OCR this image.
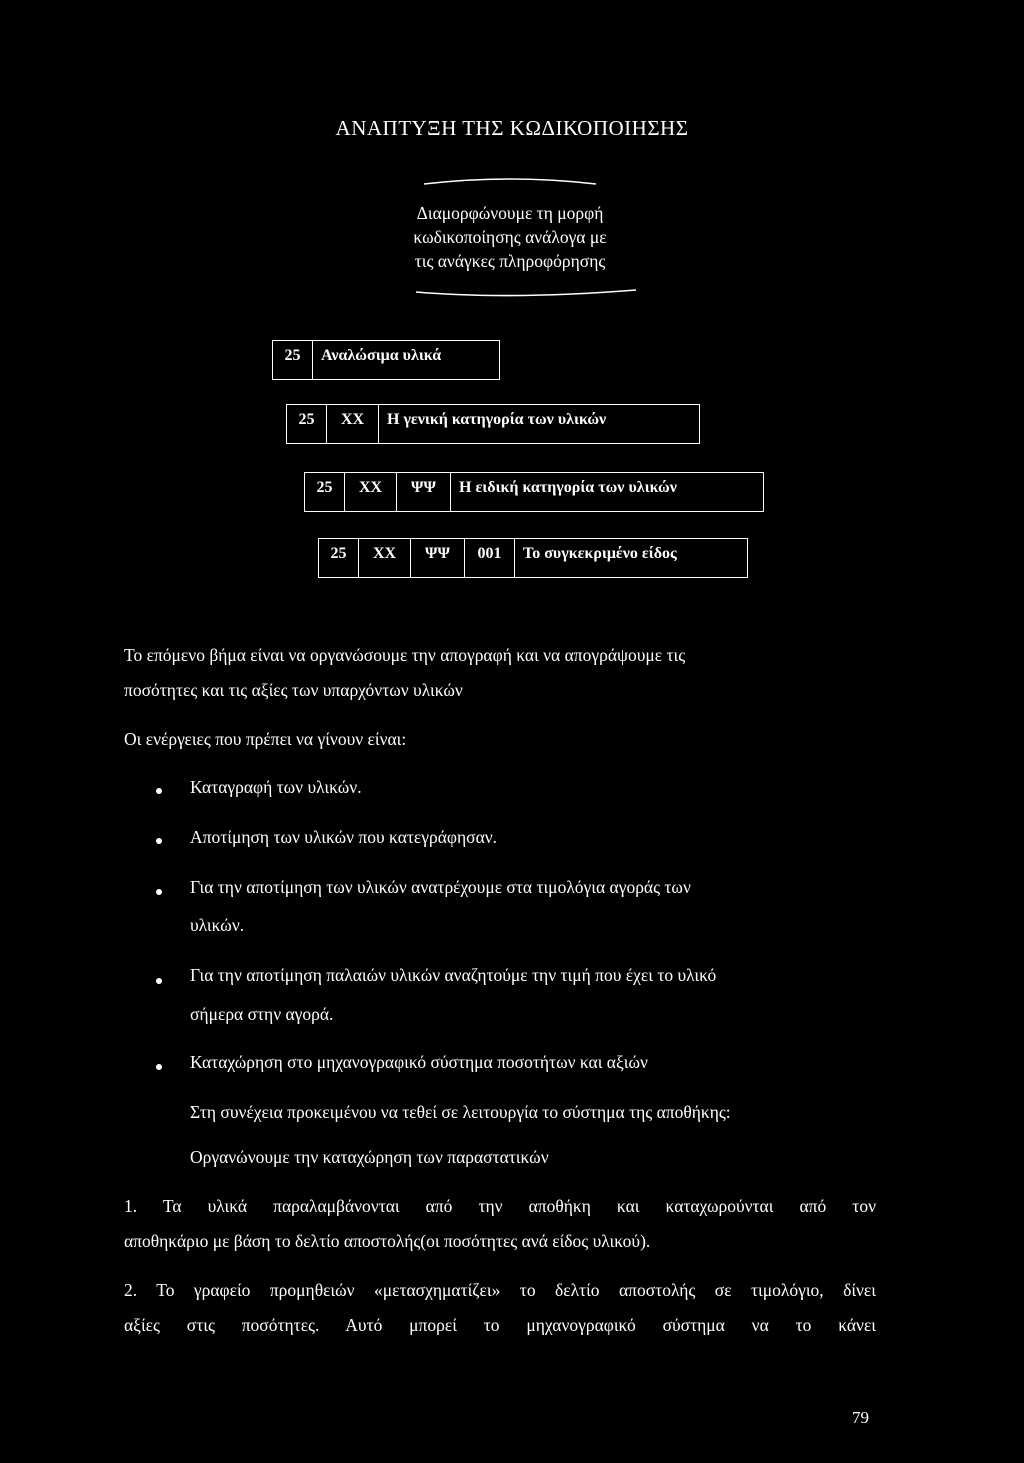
ΑΝΑΠΤΥΞΗ ΤΗΣ ΚΩΔΙΚΟΠΟΙΗΣΗΣ
Διαμορφώνουμε τη μορφή
κωδικοποίησης ανάλογα με
τις ανάγκες πληροφόρησης
25	Αναλώσιμα υλικά
25	XX	Η γενική κατηγορία των υλικών
25	XX	ΨΨ	Η ειδική κατηγορία των υλικών
25	XX	ΨΨ	001	Το συγκεκριμένο είδος
Το επόμενο βήμα είναι να οργανώσουμε την απογραφή και να απογράψουμε τις
ποσότητες και τις αξίες των υπαρχόντων υλικών
Οι ενέργειες που πρέπει να γίνουν είναι:
Καταγραφή των υλικών.
Αποτίμηση των υλικών που κατεγράφησαν.
Για την αποτίμηση των υλικών ανατρέχουμε στα τιμολόγια αγοράς των
υλικών.
Για την αποτίμηση παλαιών υλικών αναζητούμε την τιμή που έχει το υλικό
σήμερα στην αγορά.
Καταχώρηση στο μηχανογραφικό σύστημα ποσοτήτων και αξιών
Στη συνέχεια προκειμένου να τεθεί σε λειτουργία το σύστημα της αποθήκης:
Οργανώνουμε την καταχώρηση των παραστατικών
1. Τα υλικά παραλαμβάνονται από την αποθήκη και καταχωρούνται από τον
αποθηκάριο με βάση το δελτίο αποστολής(οι ποσότητες ανά είδος υλικού).
2. Το γραφείο προμηθειών «μετασχηματίζει» το δελτίο αποστολής σε τιμολόγιο, δίνει
αξίες στις ποσότητες. Αυτό μπορεί το μηχανογραφικό σύστημα να το κάνει
79
